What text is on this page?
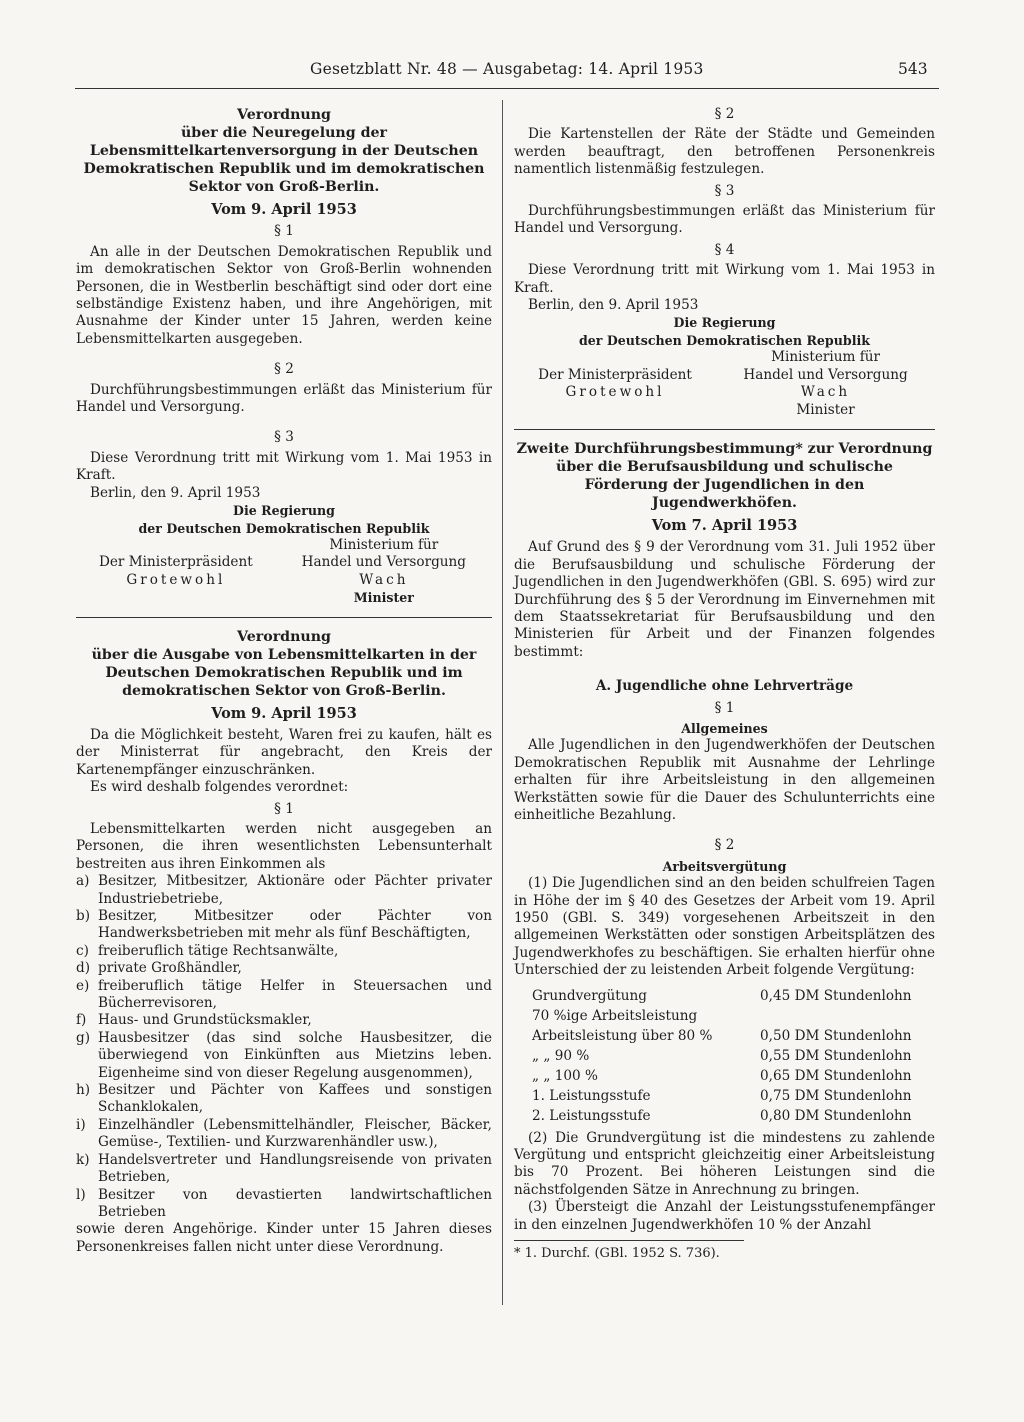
Gesetzblatt Nr. 48 — Ausgabetag: 14. April 1953	543
Verordnung
über die Neuregelung der Lebensmittelkartenversorgung in der Deutschen Demokratischen Republik und im demokratischen Sektor von Groß-Berlin.
Vom 9. April 1953
§ 1
An alle in der Deutschen Demokratischen Republik und im demokratischen Sektor von Groß-Berlin wohnenden Personen, die in Westberlin beschäftigt sind oder dort eine selbständige Existenz haben, und ihre Angehörigen, mit Ausnahme der Kinder unter 15 Jahren, werden keine Lebensmittelkarten ausgegeben.
§ 2
Durchführungsbestimmungen erläßt das Ministerium für Handel und Versorgung.
§ 3
Diese Verordnung tritt mit Wirkung vom 1. Mai 1953 in Kraft.
Berlin, den 9. April 1953
Die Regierung
der Deutschen Demokratischen Republik

Der Ministerpräsident
Grotewohl
Ministerium für
Handel und Versorgung
Wach
Minister
Verordnung
über die Ausgabe von Lebensmittelkarten in der Deutschen Demokratischen Republik und im demokratischen Sektor von Groß-Berlin.
Vom 9. April 1953
Da die Möglichkeit besteht, Waren frei zu kaufen, hält es der Ministerrat für angebracht, den Kreis der Kartenempfänger einzuschränken.
Es wird deshalb folgendes verordnet:
§ 1
Lebensmittelkarten werden nicht ausgegeben an Personen, die ihren wesentlichsten Lebensunterhalt bestreiten aus ihren Einkommen als
a) Besitzer, Mitbesitzer, Aktionäre oder Pächter privater Industriebetriebe,
b) Besitzer, Mitbesitzer oder Pächter von Handwerksbetrieben mit mehr als fünf Beschäftigten,
c) freiberuflich tätige Rechtsanwälte,
d) private Großhändler,
e) freiberuflich tätige Helfer in Steuersachen und Bücherrevisoren,
f) Haus- und Grundstücksmakler,
g) Hausbesitzer (das sind solche Hausbesitzer, die überwiegend von Einkünften aus Mietzins leben. Eigenheime sind von dieser Regelung ausgenommen),
h) Besitzer und Pächter von Kaffees und sonstigen Schanklokalen,
i) Einzelhändler (Lebensmittelhändler, Fleischer, Bäcker, Gemüse-, Textilien- und Kurzwarenhändler usw.),
k) Handelsvertreter und Handlungsreisende von privaten Betrieben,
l) Besitzer von devastierten landwirtschaftlichen Betrieben
sowie deren Angehörige. Kinder unter 15 Jahren dieses Personenkreises fallen nicht unter diese Verordnung.
§ 2
Die Kartenstellen der Räte der Städte und Gemeinden werden beauftragt, den betroffenen Personenkreis namentlich listenmäßig festzulegen.
§ 3
Durchführungsbestimmungen erläßt das Ministerium für Handel und Versorgung.
§ 4
Diese Verordnung tritt mit Wirkung vom 1. Mai 1953 in Kraft.
Berlin, den 9. April 1953
Die Regierung
der Deutschen Demokratischen Republik

Der Ministerpräsident
Grotewohl
Ministerium für
Handel und Versorgung
Wach
Minister
Zweite Durchführungsbestimmung* zur Verordnung über die Berufsausbildung und schulische Förderung der Jugendlichen in den Jugendwerkhöfen.
Vom 7. April 1953
Auf Grund des § 9 der Verordnung vom 31. Juli 1952 über die Berufsausbildung und schulische Förderung der Jugendlichen in den Jugendwerkhöfen (GBl. S. 695) wird zur Durchführung des § 5 der Verordnung im Einvernehmen mit dem Staatssekretariat für Berufsausbildung und den Ministerien für Arbeit und der Finanzen folgendes bestimmt:
A. Jugendliche ohne Lehrverträge
§ 1
Allgemeines
Alle Jugendlichen in den Jugendwerkhöfen der Deutschen Demokratischen Republik mit Ausnahme der Lehrlinge erhalten für ihre Arbeitsleistung in den allgemeinen Werkstätten sowie für die Dauer des Schulunterrichts eine einheitliche Bezahlung.
§ 2
Arbeitsvergütung
(1) Die Jugendlichen sind an den beiden schulfreien Tagen in Höhe der im § 40 des Gesetzes der Arbeit vom 19. April 1950 (GBl. S. 349) vorgesehenen Arbeitszeit in den allgemeinen Werkstätten oder sonstigen Arbeitsplätzen des Jugendwerkhofes zu beschäftigen. Sie erhalten hierfür ohne Unterschied der zu leistenden Arbeit folgende Vergütung:
Grundvergütung	0,45 DM Stundenlohn
70 %ige Arbeitsleistung	
Arbeitsleistung über 80 %	0,50 DM Stundenlohn
„ „ 90 %	0,55 DM Stundenlohn
„ „ 100 %	0,65 DM Stundenlohn
1. Leistungsstufe	0,75 DM Stundenlohn
2. Leistungsstufe	0,80 DM Stundenlohn
(2) Die Grundvergütung ist die mindestens zu zahlende Vergütung und entspricht gleichzeitig einer Arbeitsleistung bis 70 Prozent. Bei höheren Leistungen sind die nächstfolgenden Sätze in Anrechnung zu bringen.
(3) Übersteigt die Anzahl der Leistungsstufenempfänger in den einzelnen Jugendwerkhöfen 10 % der Anzahl
* 1. Durchf. (GBl. 1952 S. 736).
